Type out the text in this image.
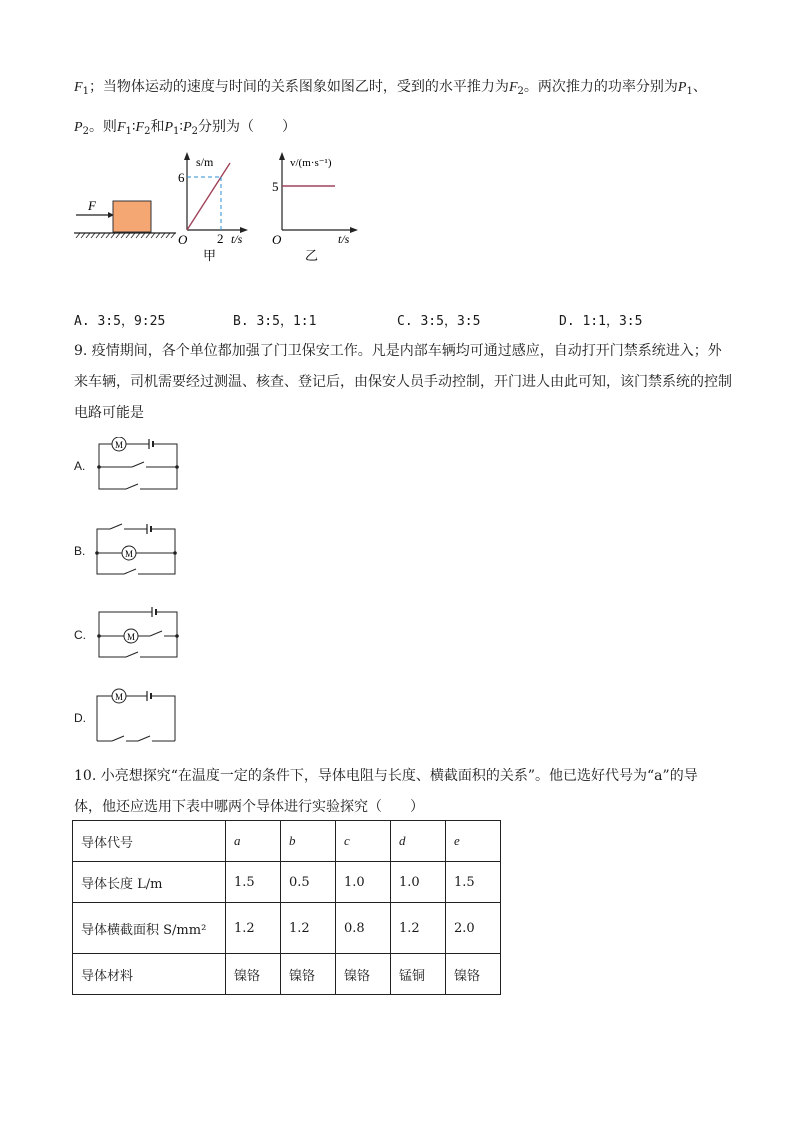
$F_1$；当物体运动的速度与时间的关系图象如图乙时，受到的水平推力为$F_2$。两次推力的功率分别为$P_1$、
$P_2$。则$F_1∶F_2$和$P_1∶P_2$分别为（　　）
F
s/m
6
2 t/s
O
甲
v/(m·s⁻¹)
5
t/s
O
乙
A. 3:5，9:25	B. 3:5，1:1	C. 3:5，3:5	D. 1:1，3:5
9. 疫情期间，各个单位都加强了门卫保安工作。凡是内部车辆均可通过感应，自动打开门禁系统进入；外
来车辆，司机需要经过测温、核查、登记后，由保安人员手动控制，开门进人由此可知，该门禁系统的控制
电路可能是
A.
M
B.	M
C.	M
D.
M
10. 小亮想探究“在温度一定的条件下，导体电阻与长度、横截面积的关系”。他已选好代号为“a”的导
体，他还应选用下表中哪两个导体进行实验探究（　　）
导体代号	a	b	c	d	e
导体长度 L/m	1.5	0.5	1.0	1.0	1.5
导体横截面积 S/mm²	1.2	1.2	0.8	1.2	2.0
导体材料	镍铬	镍铬	镍铬	锰铜	镍铬
